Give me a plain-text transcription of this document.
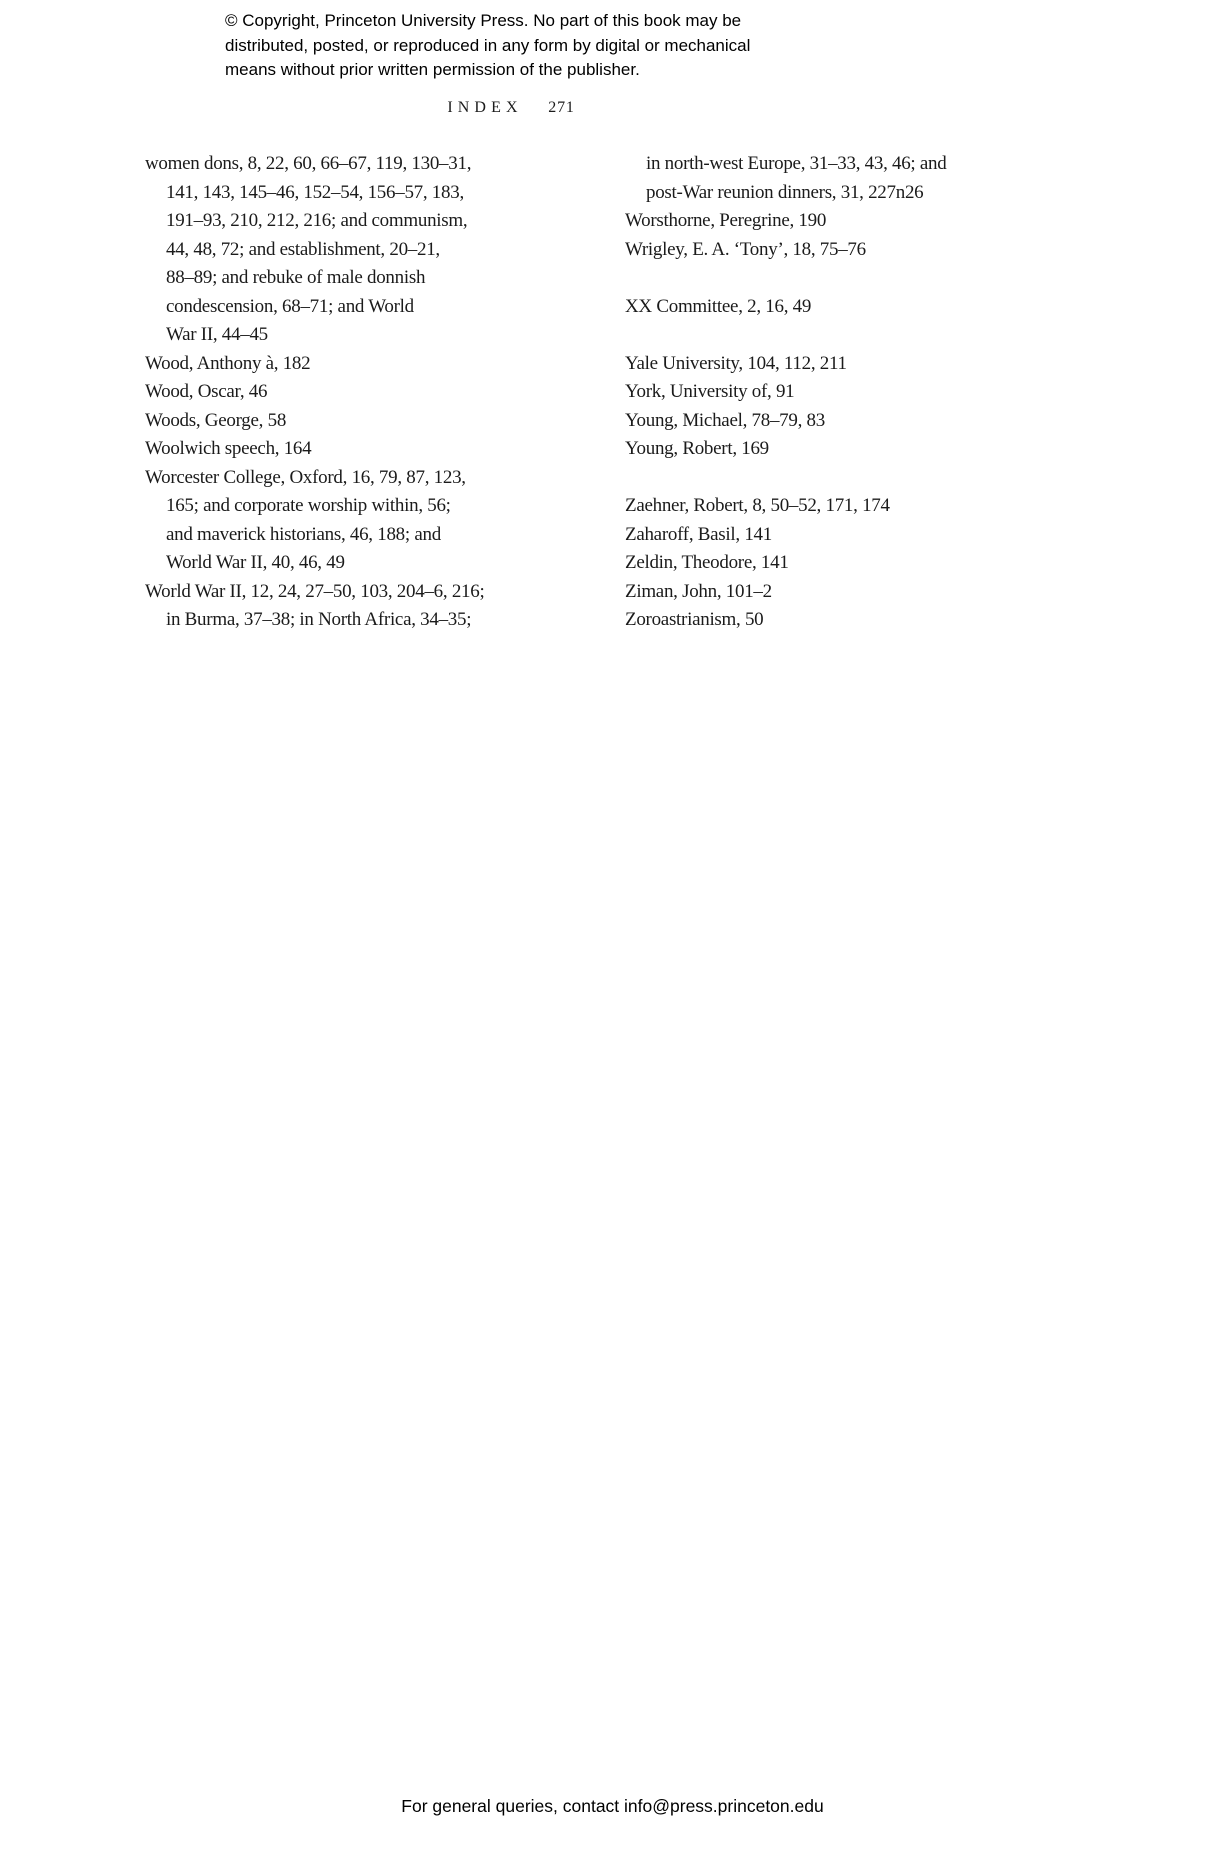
© Copyright, Princeton University Press. No part of this book may be
distributed, posted, or reproduced in any form by digital or mechanical
means without prior written permission of the publisher.
INDEX 271
women dons, 8, 22, 60, 66–67, 119, 130–31,
141, 143, 145–46, 152–54, 156–57, 183,
191–93, 210, 212, 216; and communism,
44, 48, 72; and establishment, 20–21,
88–89; and rebuke of male donnish
condescension, 68–71; and World
War II, 44–45
Wood, Anthony à, 182
Wood, Oscar, 46
Woods, George, 58
Woolwich speech, 164
Worcester College, Oxford, 16, 79, 87, 123,
165; and corporate worship within, 56;
and maverick historians, 46, 188; and
World War II, 40, 46, 49
World War II, 12, 24, 27–50, 103, 204–6, 216;
in Burma, 37–38; in North Africa, 34–35;
in north-west Europe, 31–33, 43, 46; and
post-War reunion dinners, 31, 227n26
Worsthorne, Peregrine, 190
Wrigley, E. A. ‘Tony’, 18, 75–76

XX Committee, 2, 16, 49

Yale University, 104, 112, 211
York, University of, 91
Young, Michael, 78–79, 83
Young, Robert, 169

Zaehner, Robert, 8, 50–52, 171, 174
Zaharoff, Basil, 141
Zeldin, Theodore, 141
Ziman, John, 101–2
Zoroastrianism, 50
For general queries, contact info@press.princeton.edu
